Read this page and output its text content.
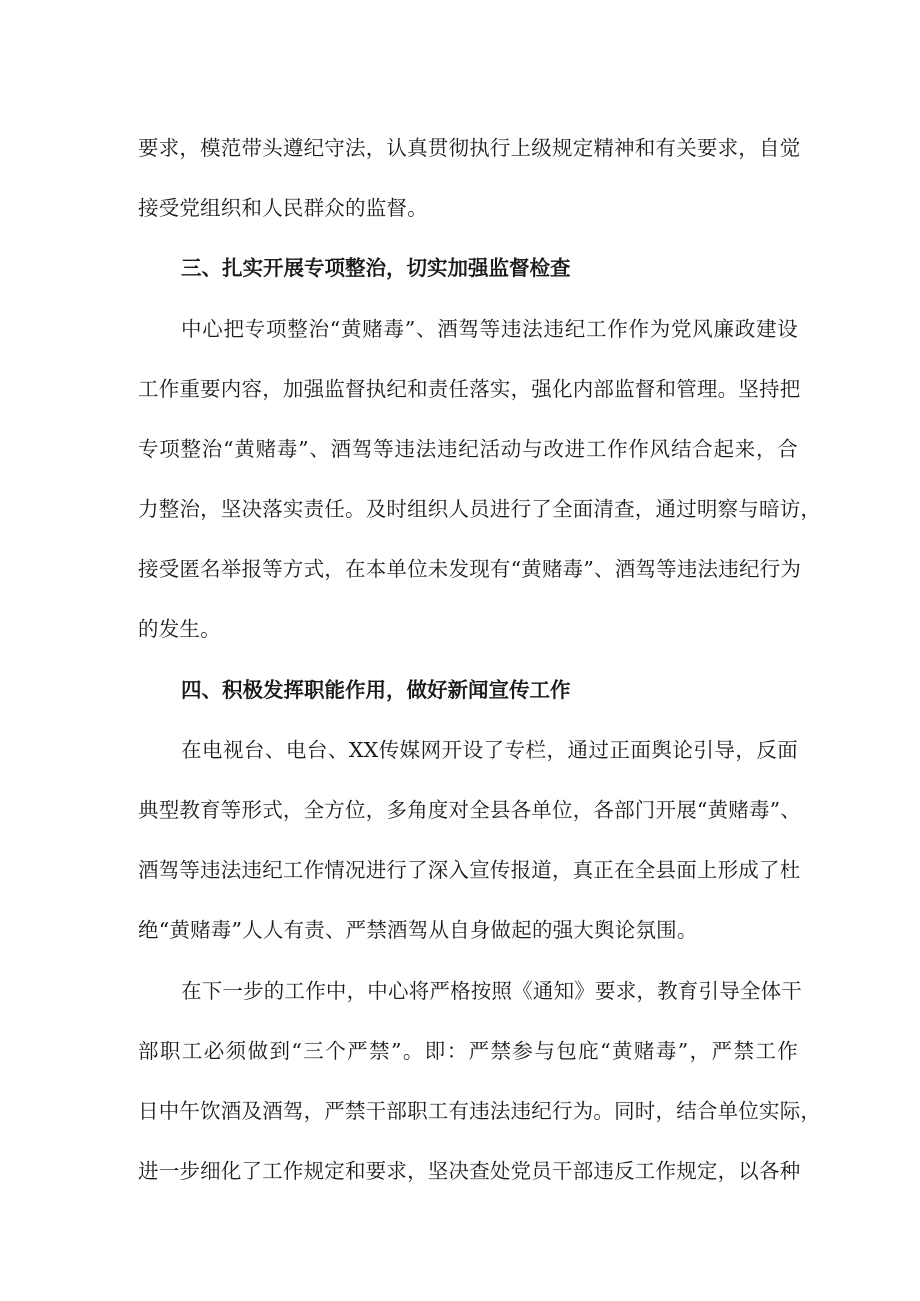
要求，模范带头遵纪守法，认真贯彻执行上级规定精神和有关要求，自觉
接受党组织和人民群众的监督。
三、扎实开展专项整治，切实加强监督检查
中心把专项整治“黄赌毒”、酒驾等违法违纪工作作为党风廉政建设
工作重要内容，加强监督执纪和责任落实，强化内部监督和管理。坚持把
专项整治“黄赌毒”、酒驾等违法违纪活动与改进工作作风结合起来，合
力整治，坚决落实责任。及时组织人员进行了全面清查，通过明察与暗访，
接受匿名举报等方式，在本单位未发现有“黄赌毒”、酒驾等违法违纪行为
的发生。
四、积极发挥职能作用，做好新闻宣传工作
在电视台、电台、XX传媒网开设了专栏，通过正面舆论引导，反面
典型教育等形式，全方位，多角度对全县各单位，各部门开展“黄赌毒”、
酒驾等违法违纪工作情况进行了深入宣传报道，真正在全县面上形成了杜
绝“黄赌毒”人人有责、严禁酒驾从自身做起的强大舆论氛围。
在下一步的工作中，中心将严格按照《通知》要求，教育引导全体干
部职工必须做到“三个严禁”。即：严禁参与包庇“黄赌毒”，严禁工作
日中午饮酒及酒驾，严禁干部职工有违法违纪行为。同时，结合单位实际，
进一步细化了工作规定和要求，坚决查处党员干部违反工作规定，以各种
